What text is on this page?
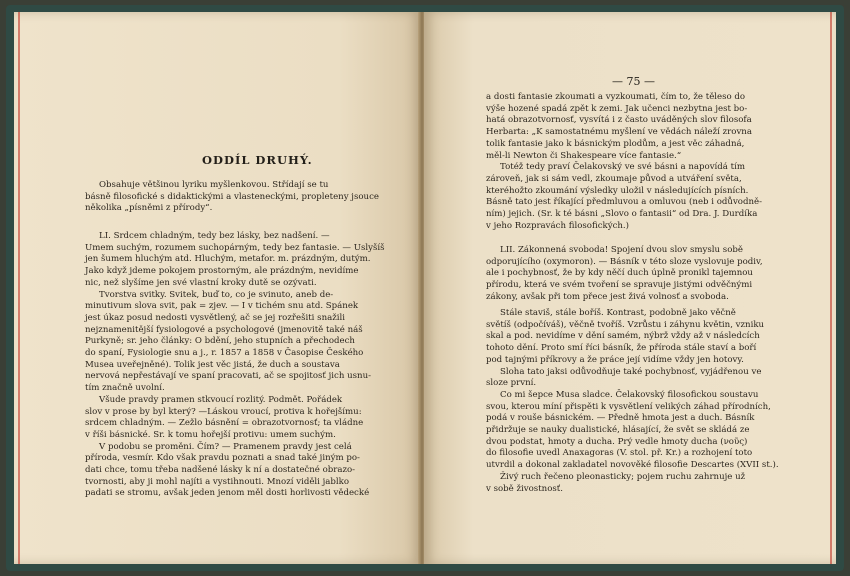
ODDÍL DRUHÝ.

Obsahuje většinou lyriku myšlenkovou. Střídají se tu

básně filosofické s didaktickými a vlasteneckými, propleteny jsouce

několika „písněmi z přírody“.

LI. Srdcem chladným, tedy bez lásky, bez nadšení. —

Umem suchým, rozumem suchopárným, tedy bez fantasie. — Uslyšíš

jen šumem hluchým atd. Hluchým, metafor. m. prázdným, dutým.

Jako když jdeme pokojem prostorným, ale prázdným, nevidíme

nic, než slyšíme jen své vlastní kroky dutě se ozývati.

Tvorstva svitky. Svitek, buď to, co je svinuto, aneb de-

minutivum slova svit, pak = zjev. — I v tichém snu atd. Spánek

jest úkaz posud nedosti vysvětlený, ač se jej rozřešiti snažili

nejznamenitější fysiologové a psychologové (jmenovitě také náš

Purkyně; sr. jeho články: O bdění, jeho stupních a přechodech

do spaní, Fysiologie snu a j., r. 1857 a 1858 v Časopise Českého

Musea uveřejněné). Tolik jest věc jistá, že duch a soustava

nervová nepřestávají ve spaní pracovati, ač se spojitosť jich usnu-

tím značně uvolní.

Všude pravdy pramen stkvoucí rozlitý. Podmět. Pořádek

slov v prose by byl který? —Láskou vroucí, protiva k hořejšímu:

srdcem chladným. — Zežlo básnění = obrazotvornosť; ta vládne

v říši básnické. Sr. k tomu hořejší protivu: umem suchým.

V podobu se proměni. Čím? — Pramenem pravdy jest celá

příroda, vesmír. Kdo však pravdu poznati a snad také jiným po-

dati chce, tomu třeba nadšené lásky k ní a dostatečné obrazo-

tvornosti, aby ji mohl najíti a vystihnouti. Mnozí viděli jablko

padati se stromu, avšak jeden jenom měl dosti horlivosti vědecké

— 75 —

a dosti fantasie zkoumati a vyzkoumati, čím to, že těleso do

výše hozené spadá zpět k zemi. Jak učenci nezbytna jest bo-

hatá obrazotvornosť, vysvítá i z často uváděných slov filosofa

Herbarta: „K samostatnému myšlení ve vědách náleží zrovna

tolik fantasie jako k básnickým plodům, a jest věc záhadná,

měl-li Newton či Shakespeare více fantasie.“

Totéž tedy praví Čelakovský ve své básni a napovídá tím

zároveň, jak si sám vedl, zkoumaje původ a utváření světa,

kteréhožto zkoumání výsledky uložil v následujících písních.

Básně tato jest říkající předmluvou a omluvou (neb i odůvodně-

ním) jejich. (Sr. k té básni „Slovo o fantasii“ od Dra. J. Durdíka

v jeho Rozpravách filosofických.)

LII. Zákonnená svoboda! Spojení dvou slov smyslu sobě

odporujícího (oxymoron). — Básník v této sloze vyslovuje podiv,

ale i pochybnosť, že by kdy něčí duch úplně pronikl tajemnou

přírodu, která ve svém tvoření se spravuje jistými odvěčnými

zákony, avšak při tom přece jest živá volnosť a svoboda.

Stále staviš, stále boříš. Kontrast, podobně jako věčně

světíš (odpočíváš), věčně tvoříš. Vzrůstu i záhynu květin, vzniku

skal a pod. nevidíme v dění samém, nýbrž vždy až v následcích

tohoto dění. Proto smí říci básník, že příroda stále staví a boří

pod tajnými příkrovy a že práce její vidíme vždy jen hotovy.

Sloha tato jaksi odůvodňuje také pochybnosť, vyjádřenou ve

sloze první.

Co mi šepce Musa sladce. Čelakovský filosofickou soustavu

svou, kterou míní přispěti k vysvětlení velikých záhad přírodních,

podá v rouše básnickém. — Předně hmota jest a duch. Básník

přidržuje se nauky dualistické, hlásající, že svět se skládá ze

dvou podstat, hmoty a ducha. Prý vedle hmoty ducha (νοῦς)

do filosofie uvedl Anaxagoras (V. stol. př. Kr.) a rozhojení toto

utvrdil a dokonal zakladatel novověké filosofie Descartes (XVII st.).

Živý ruch řečeno pleonasticky; pojem ruchu zahrnuje už

v sobě živostnosť.
